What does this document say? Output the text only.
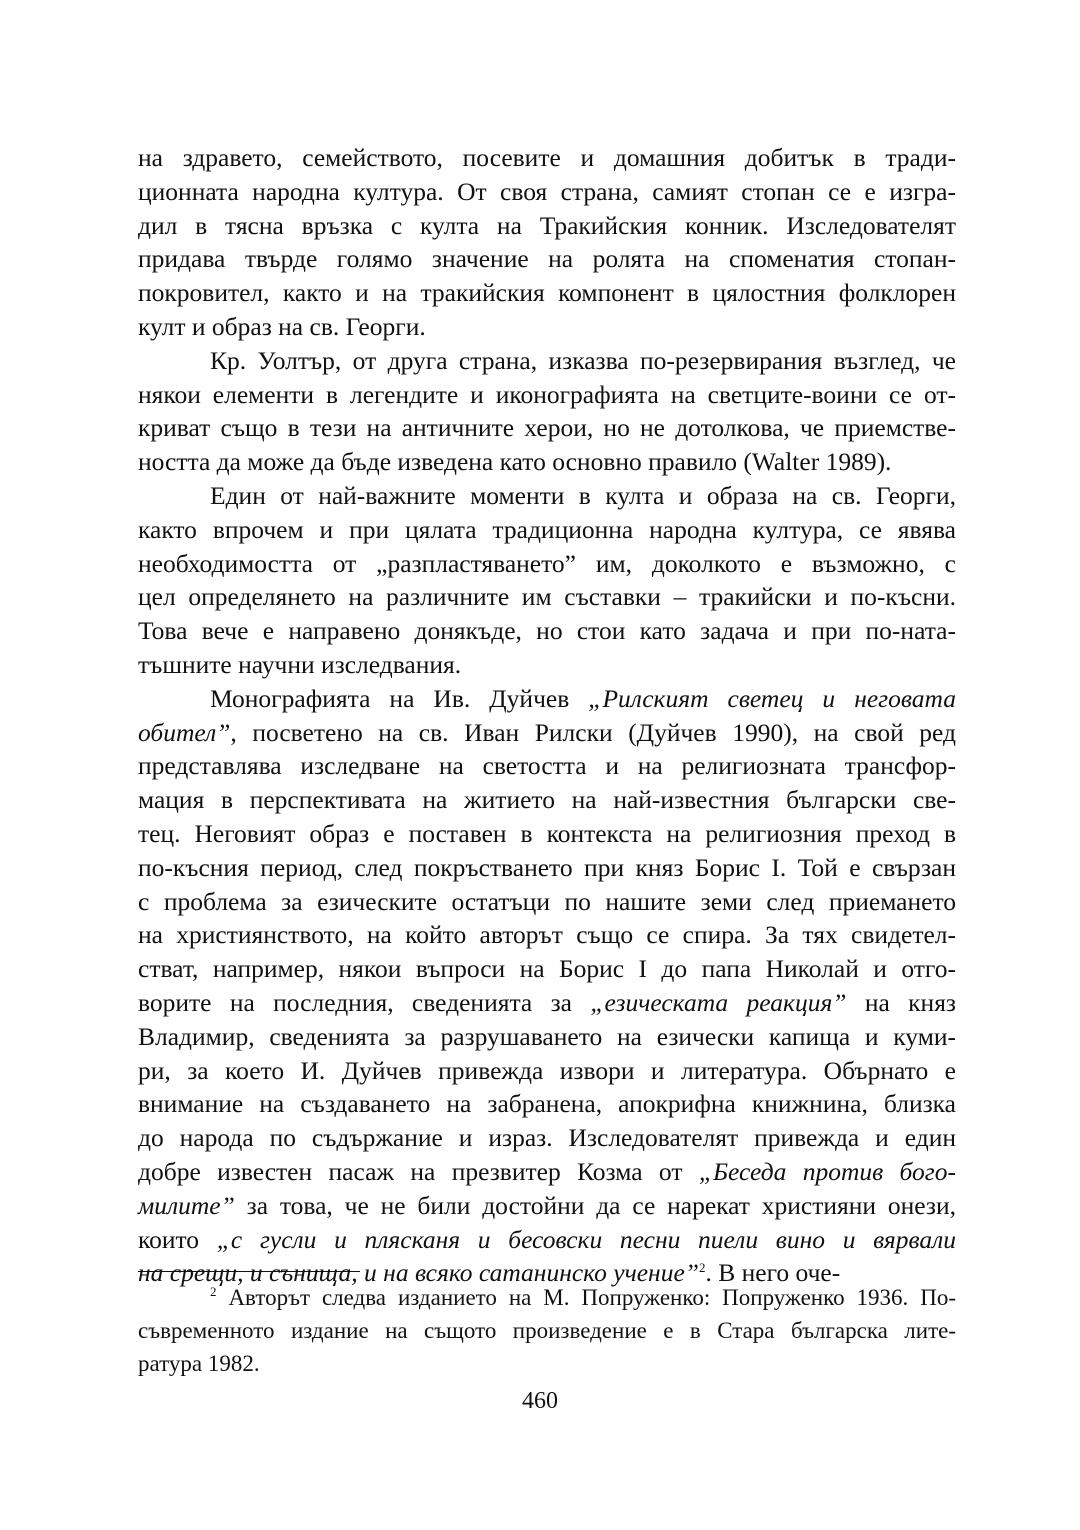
на здравето, семейството, посевите и домашния добитък в тради-
ционната народна култура. От своя страна, самият стопан се е изгра-
дил в тясна връзка с култа на Тракийския конник. Изследователят
придава твърде голямо значение на ролята на споменатия стопан-
покровител, както и на тракийския компонент в цялостния фолклорен
култ и образ на св. Георги.
Кр. Уолтър, от друга страна, изказва по-резервирания възглед, че
някои елементи в легендите и иконографията на светците-воини се от-
криват също в тези на античните херои, но не дотолкова, че приемстве-
ността да може да бъде изведена като основно правило (Walter 1989).
Един от най-важните моменти в култа и образа на св. Георги,
както впрочем и при цялата традиционна народна култура, се явява
необходимостта от „разпластяването” им, доколкото е възможно, с
цел определянето на различните им съставки – тракийски и по-късни.
Това вече е направено донякъде, но стои като задача и при по-ната-
тъшните научни изследвания.
Монографията на Ив. Дуйчев „Рилският светец и неговата
обител”, посветено на св. Иван Рилски (Дуйчев 1990), на свой ред
представлява изследване на светостта и на религиозната трансфор-
мация в перспективата на житието на най-известния български све-
тец. Неговият образ е поставен в контекста на религиозния преход в
по-късния период, след покръстването при княз Борис I. Той е свързан
с проблема за езическите остатъци по нашите земи след приемането
на християнството, на който авторът също се спира. За тях свидетел-
стват, например, някои въпроси на Борис I до папа Николай и отго-
ворите на последния, сведенията за „езическата реакция” на княз
Владимир, сведенията за разрушаването на езически капища и куми-
ри, за което И. Дуйчев привежда извори и литература. Обърнато е
внимание на създаването на забранена, апокрифна книжнина, близка
до народа по съдържание и израз. Изследователят привежда и един
добре известен пасаж на презвитер Козма от „Беседа против бого-
милите” за това, че не били достойни да се нарекат християни онези,
които „с гусли и плясканя и бесовски песни пиели вино и вярвали
на срещи, и сънища, и на всяко сатанинско учение”$^2$. В него оче-
$^2$ Авторът следва изданието на М. Попруженко: Попруженко 1936. По-
съвременното издание на същото произведение е в Стара българска лите-
ратура 1982.
460
